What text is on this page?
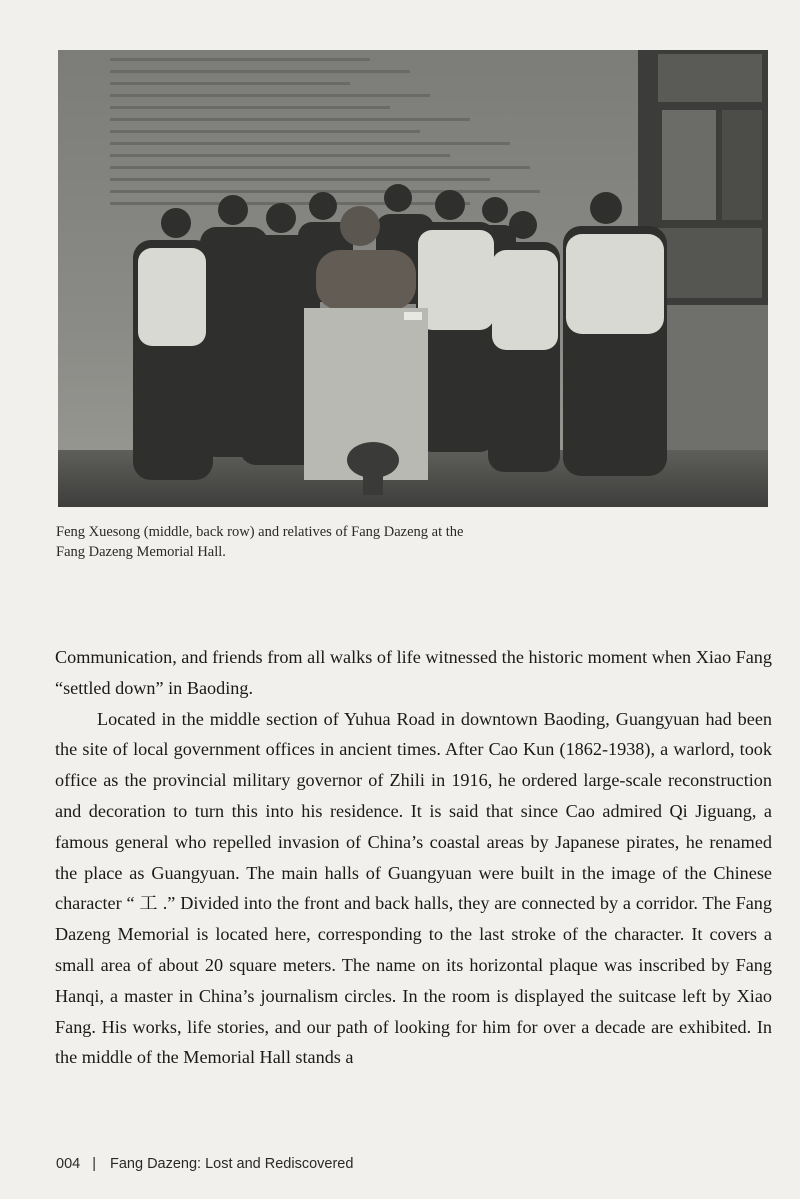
Feng Xuesong (middle, back row) and relatives of Fang Dazeng at the
Fang Dazeng Memorial Hall.

Communication, and friends from all walks of life witnessed the historic moment when Xiao Fang “settled down” in Baoding.

Located in the middle section of Yuhua Road in downtown Baoding, Guangyuan had been the site of local government offices in ancient times. After Cao Kun (1862-1938), a warlord, took office as the provincial military governor of Zhili in 1916, he ordered large-scale reconstruction and decoration to turn this into his residence. It is said that since Cao admired Qi Jiguang, a famous general who repelled invasion of China’s coastal areas by Japanese pirates, he renamed the place as Guangyuan. The main halls of Guangyuan were built in the image of the Chinese character “ 工 .” Divided into the front and back halls, they are connected by a corridor. The Fang Dazeng Memorial is located here, corresponding to the last stroke of the character. It covers a small area of about 20 square meters. The name on its horizontal plaque was inscribed by Fang Hanqi, a master in China’s journalism circles. In the room is displayed the suitcase left by Xiao Fang. His works, life stories, and our path of looking for him for over a decade are exhibited. In the middle of the Memorial Hall stands a

004 | Fang Dazeng: Lost and Rediscovered
